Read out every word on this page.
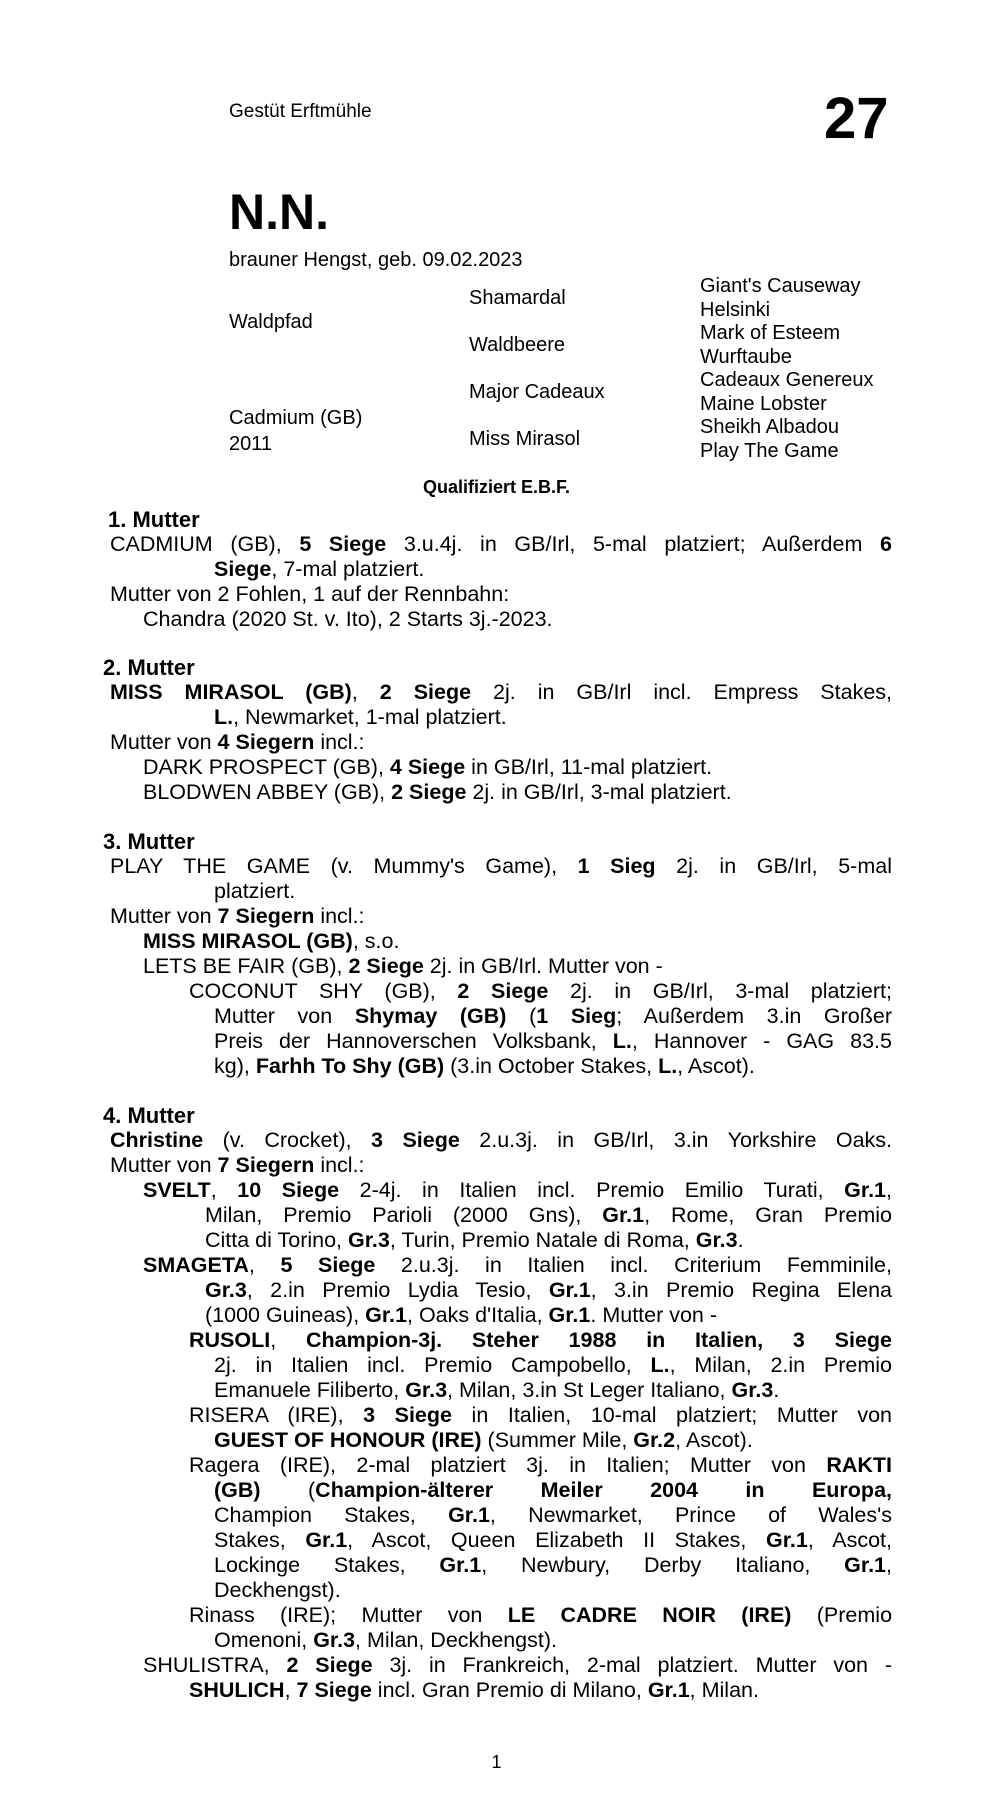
Gestüt Erftmühle	27
N.N.
brauner Hengst, geb. 09.02.2023
Waldpfad
Cadmium (GB)
2011
Shamardal
Waldbeere
Major Cadeaux
Miss Mirasol
Giant's Causeway
Helsinki
Mark of Esteem
Wurftaube
Cadeaux Genereux
Maine Lobster
Sheikh Albadou
Play The Game
Qualifiziert E.B.F.
1. Mutter
CADMIUM (GB), 5 Siege 3.u.4j. in GB/Irl, 5-mal platziert; Außerdem 6
Siege, 7-mal platziert.
Mutter von 2 Fohlen, 1 auf der Rennbahn:
Chandra (2020 St. v. Ito), 2 Starts 3j.-2023.
2. Mutter
MISS MIRASOL (GB), 2 Siege 2j. in GB/Irl incl. Empress Stakes,
L., Newmarket, 1-mal platziert.
Mutter von 4 Siegern incl.:
DARK PROSPECT (GB), 4 Siege in GB/Irl, 11-mal platziert.
BLODWEN ABBEY (GB), 2 Siege 2j. in GB/Irl, 3-mal platziert.
3. Mutter
PLAY THE GAME (v. Mummy's Game), 1 Sieg 2j. in GB/Irl, 5-mal
platziert.
Mutter von 7 Siegern incl.:
MISS MIRASOL (GB), s.o.
LETS BE FAIR (GB), 2 Siege 2j. in GB/Irl. Mutter von -
COCONUT SHY (GB), 2 Siege 2j. in GB/Irl, 3-mal platziert;
Mutter von Shymay (GB) (1 Sieg; Außerdem 3.in Großer
Preis der Hannoverschen Volksbank, L., Hannover - GAG 83.5
kg), Farhh To Shy (GB) (3.in October Stakes, L., Ascot).
4. Mutter
Christine (v. Crocket), 3 Siege 2.u.3j. in GB/Irl, 3.in Yorkshire Oaks.
Mutter von 7 Siegern incl.:
SVELT, 10 Siege 2-4j. in Italien incl. Premio Emilio Turati, Gr.1,
Milan, Premio Parioli (2000 Gns), Gr.1, Rome, Gran Premio
Citta di Torino, Gr.3, Turin, Premio Natale di Roma, Gr.3.
SMAGETA, 5 Siege 2.u.3j. in Italien incl. Criterium Femminile,
Gr.3, 2.in Premio Lydia Tesio, Gr.1, 3.in Premio Regina Elena
(1000 Guineas), Gr.1, Oaks d'Italia, Gr.1. Mutter von -
RUSOLI, Champion-3j. Steher 1988 in Italien, 3 Siege
2j. in Italien incl. Premio Campobello, L., Milan, 2.in Premio
Emanuele Filiberto, Gr.3, Milan, 3.in St Leger Italiano, Gr.3.
RISERA (IRE), 3 Siege in Italien, 10-mal platziert; Mutter von
GUEST OF HONOUR (IRE) (Summer Mile, Gr.2, Ascot).
Ragera (IRE), 2-mal platziert 3j. in Italien; Mutter von RAKTI
(GB) (Champion-älterer Meiler 2004 in Europa,
Champion Stakes, Gr.1, Newmarket, Prince of Wales's
Stakes, Gr.1, Ascot, Queen Elizabeth II Stakes, Gr.1, Ascot,
Lockinge Stakes, Gr.1, Newbury, Derby Italiano, Gr.1,
Deckhengst).
Rinass (IRE); Mutter von LE CADRE NOIR (IRE) (Premio
Omenoni, Gr.3, Milan, Deckhengst).
SHULISTRA, 2 Siege 3j. in Frankreich, 2-mal platziert. Mutter von -
SHULICH, 7 Siege incl. Gran Premio di Milano, Gr.1, Milan.
1
